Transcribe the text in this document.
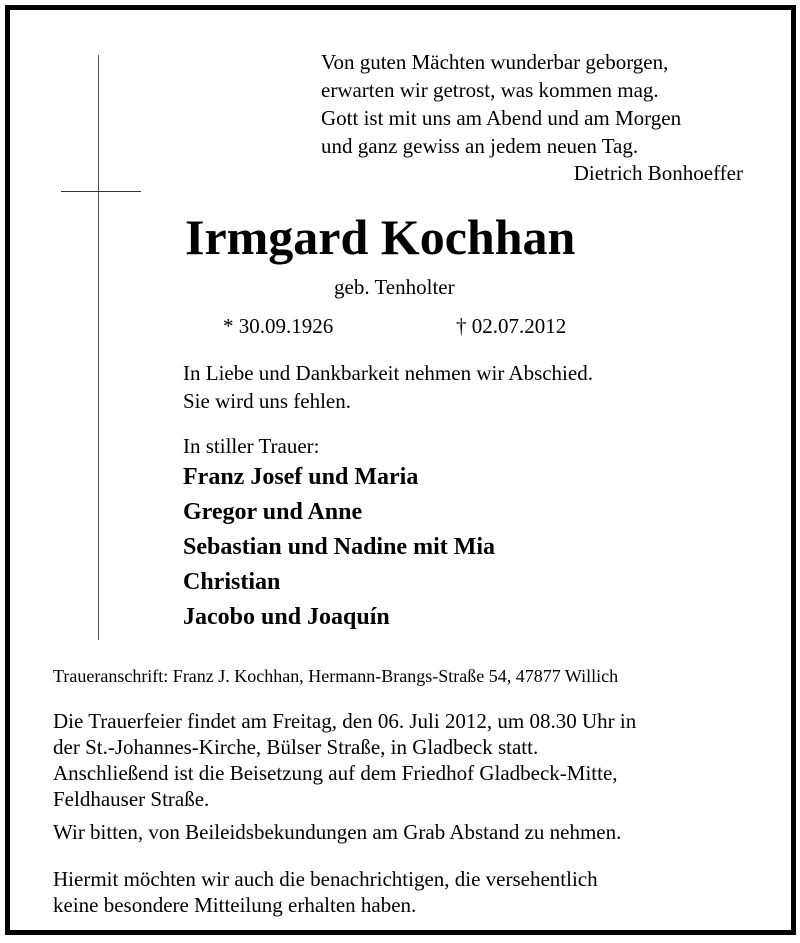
Von guten Mächten wunderbar geborgen,
erwarten wir getrost, was kommen mag.
Gott ist mit uns am Abend und am Morgen
und ganz gewiss an jedem neuen Tag.
Dietrich Bonhoeffer
Irmgard Kochhan
geb. Tenholter
* 30.09.1926	† 02.07.2012
In Liebe und Dankbarkeit nehmen wir Abschied.
Sie wird uns fehlen.
In stiller Trauer:
Franz Josef und Maria
Gregor und Anne
Sebastian und Nadine mit Mia
Christian
Jacobo und Joaquín
Traueranschrift: Franz J. Kochhan, Hermann-Brangs-Straße 54, 47877 Willich
Die Trauerfeier findet am Freitag, den 06. Juli 2012, um 08.30 Uhr in
der St.-Johannes-Kirche, Bülser Straße, in Gladbeck statt.
Anschließend ist die Beisetzung auf dem Friedhof Gladbeck-Mitte,
Feldhauser Straße.
Wir bitten, von Beileidsbekundungen am Grab Abstand zu nehmen.
Hiermit möchten wir auch die benachrichtigen, die versehentlich
keine besondere Mitteilung erhalten haben.
